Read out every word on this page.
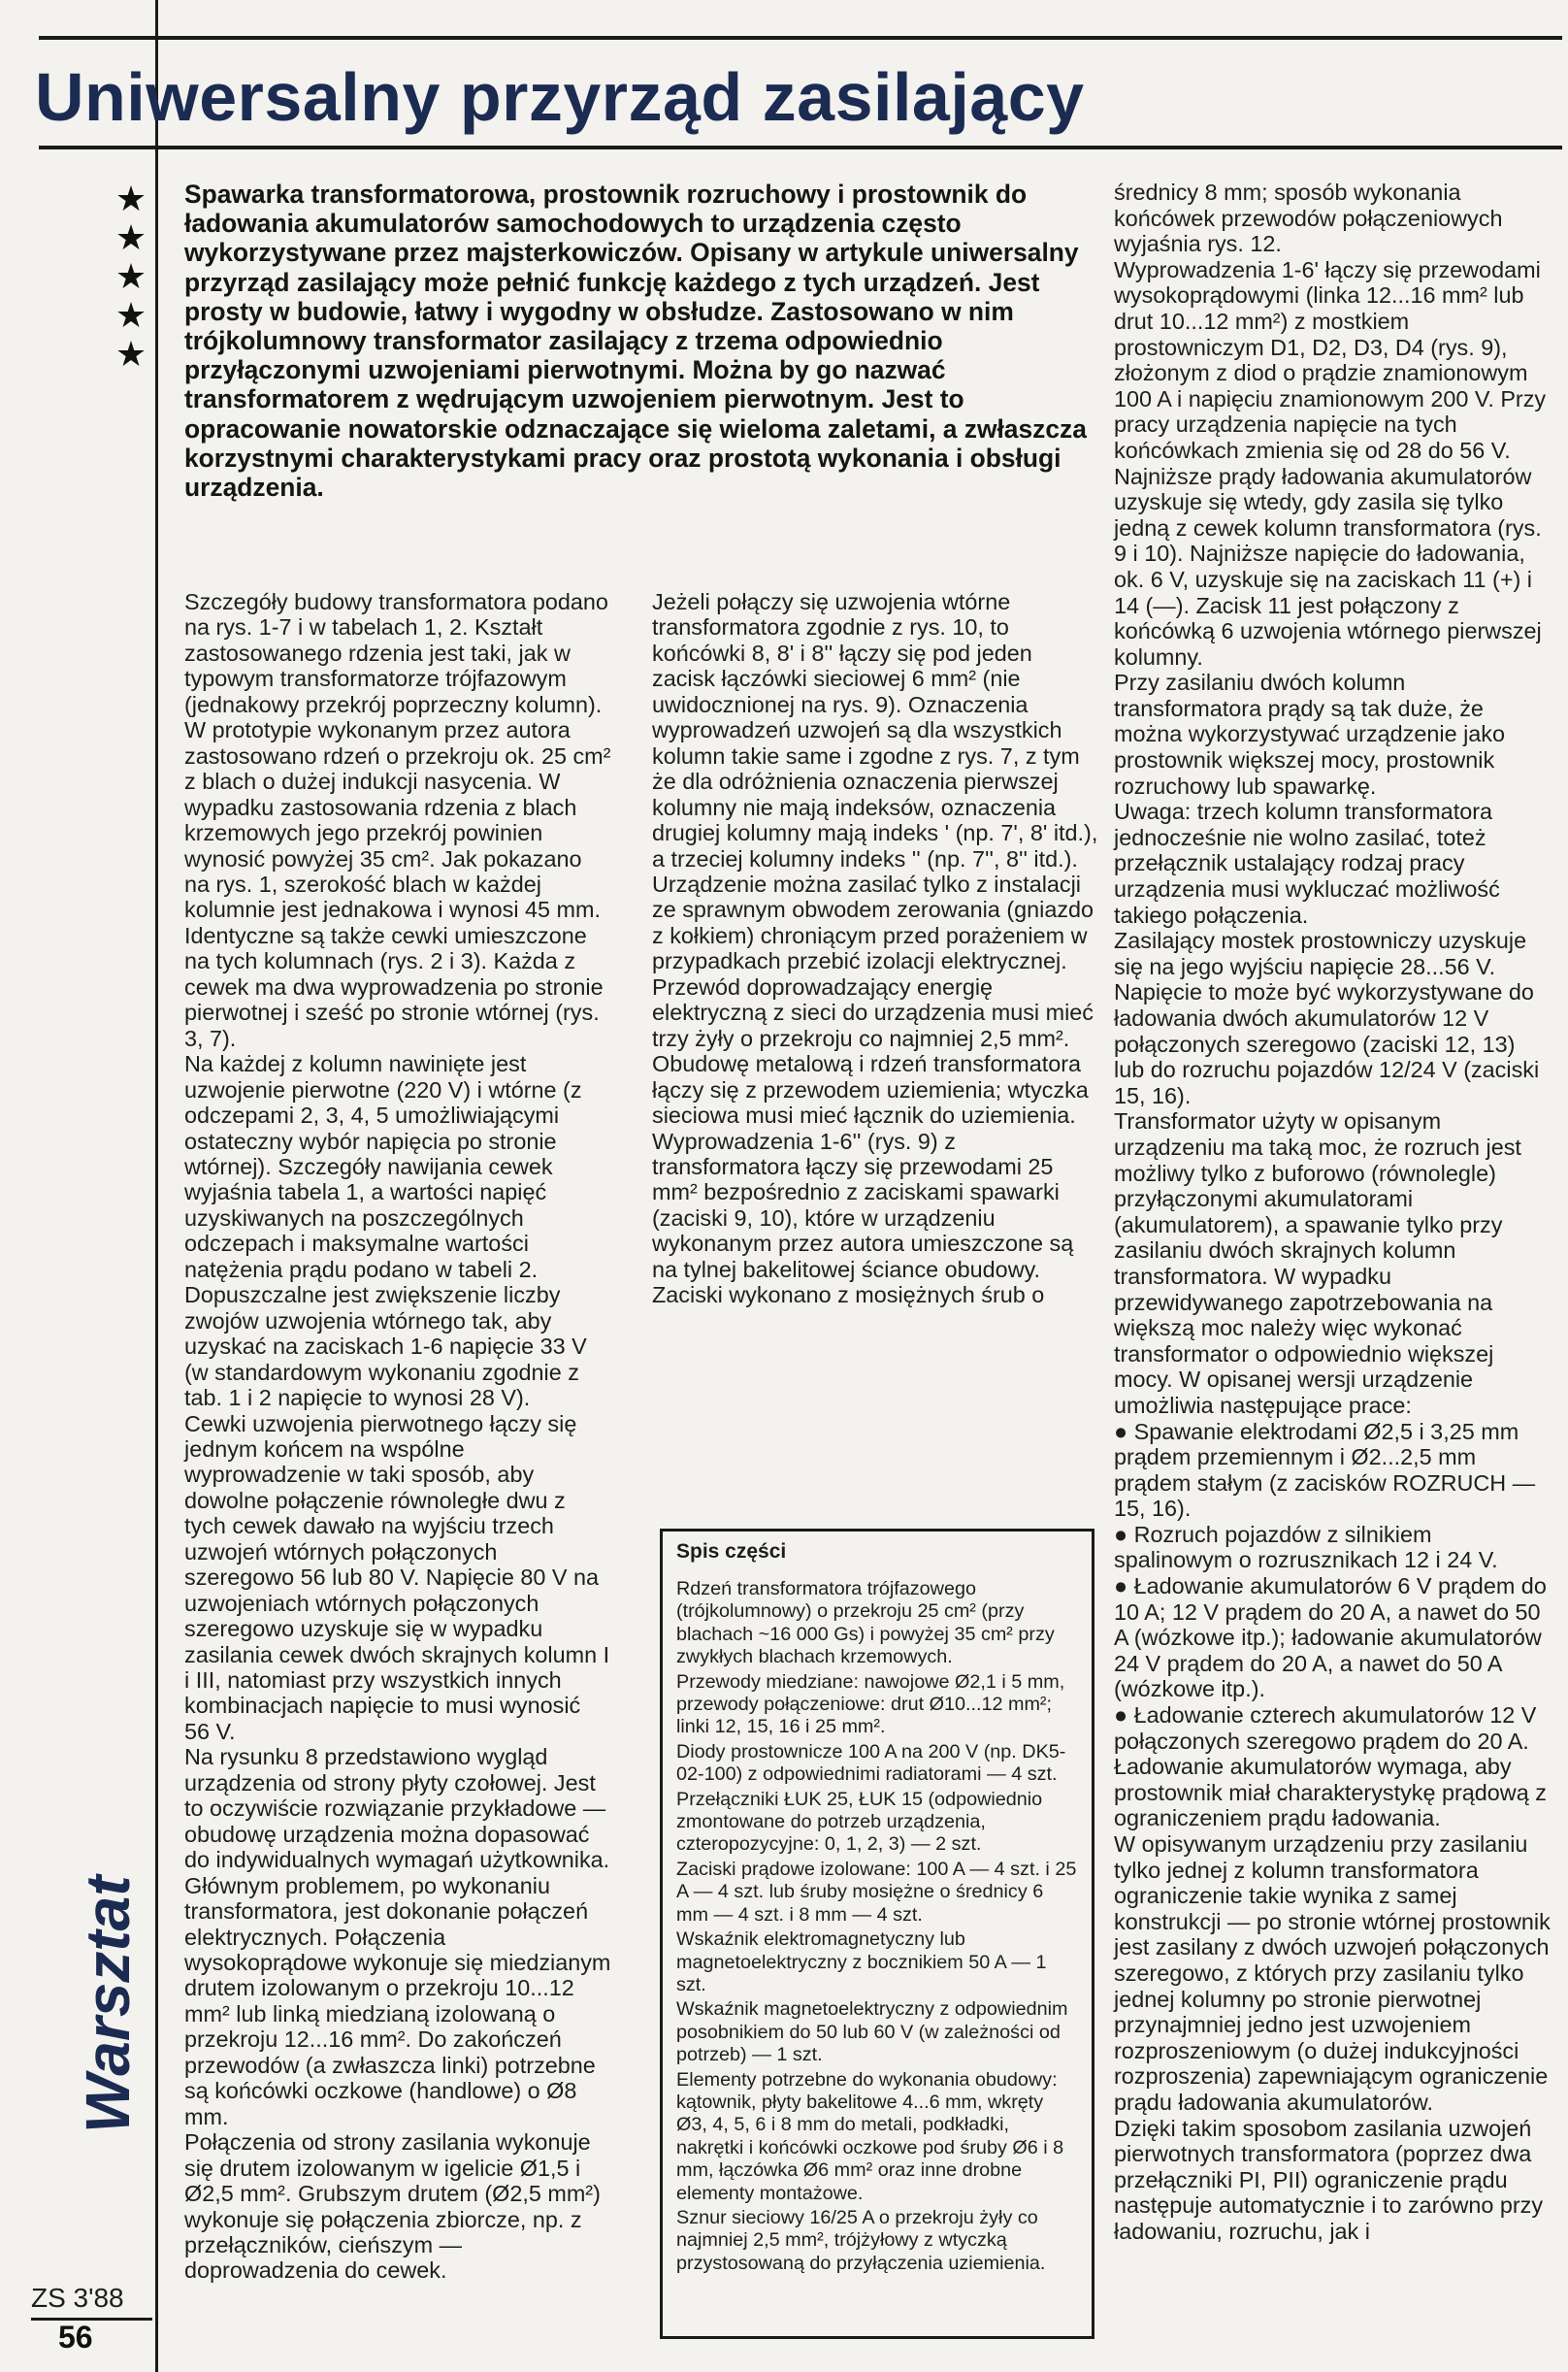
Uniwersalny przyrząd zasilający
★
★
★
★
★

Spawarka transformatorowa, prostownik rozruchowy i prostownik do ładowania akumulatorów samochodowych to urządzenia często wykorzystywane przez majsterkowiczów. Opisany w artykule uniwersalny przyrząd zasilający może pełnić funkcję każdego z tych urządzeń. Jest prosty w budowie, łatwy i wygodny w obsłudze. Zastosowano w nim trójkolumnowy transformator zasilający z trzema odpowiednio przyłączonymi uzwojeniami pierwotnymi. Można by go nazwać transformatorem z wędrującym uzwojeniem pierwotnym. Jest to opracowanie nowatorskie odznaczające się wieloma zaletami, a zwłaszcza korzystnymi charakterystykami pracy oraz prostotą wykonania i obsługi urządzenia.

Szczegóły budowy transformatora podano na rys. 1-7 i w tabelach 1, 2. Kształt zastosowanego rdzenia jest taki, jak w typowym transformatorze trójfazowym (jednakowy przekrój poprzeczny kolumn). W prototypie wykonanym przez autora zastosowano rdzeń o przekroju ok. 25 cm² z blach o dużej indukcji nasycenia. W wypadku zastosowania rdzenia z blach krzemowych jego przekrój powinien wynosić powyżej 35 cm². Jak pokazano na rys. 1, szerokość blach w każdej kolumnie jest jednakowa i wynosi 45 mm. Identyczne są także cewki umieszczone na tych kolumnach (rys. 2 i 3). Każda z cewek ma dwa wyprowadzenia po stronie pierwotnej i sześć po stronie wtórnej (rys. 3, 7).

Na każdej z kolumn nawinięte jest uzwojenie pierwotne (220 V) i wtórne (z odczepami 2, 3, 4, 5 umożliwiającymi ostateczny wybór napięcia po stronie wtórnej). Szczegóły nawijania cewek wyjaśnia tabela 1, a wartości napięć uzyskiwanych na poszczególnych odczepach i maksymalne wartości natężenia prądu podano w tabeli 2. Dopuszczalne jest zwiększenie liczby zwojów uzwojenia wtórnego tak, aby uzyskać na zaciskach 1-6 napięcie 33 V (w standardowym wykonaniu zgodnie z tab. 1 i 2 napięcie to wynosi 28 V).

Cewki uzwojenia pierwotnego łączy się jednym końcem na wspólne wyprowadzenie w taki sposób, aby dowolne połączenie równoległe dwu z tych cewek dawało na wyjściu trzech uzwojeń wtórnych połączonych szeregowo 56 lub 80 V. Napięcie 80 V na uzwojeniach wtórnych połączonych szeregowo uzyskuje się w wypadku zasilania cewek dwóch skrajnych kolumn I i III, natomiast przy wszystkich innych kombinacjach napięcie to musi wynosić 56 V.

Na rysunku 8 przedstawiono wygląd urządzenia od strony płyty czołowej. Jest to oczywiście rozwiązanie przykładowe — obudowę urządzenia można dopasować do indywidualnych wymagań użytkownika.

Głównym problemem, po wykonaniu transformatora, jest dokonanie połączeń elektrycznych. Połączenia wysokoprądowe wykonuje się miedzianym drutem izolowanym o przekroju 10...12 mm² lub linką miedzianą izolowaną o przekroju 12...16 mm². Do zakończeń przewodów (a zwłaszcza linki) potrzebne są końcówki oczkowe (handlowe) o Ø8 mm.

Połączenia od strony zasilania wykonuje się drutem izolowanym w igelicie Ø1,5 i Ø2,5 mm². Grubszym drutem (Ø2,5 mm²) wykonuje się połączenia zbiorcze, np. z przełączników, cieńszym — doprowadzenia do cewek.

Jeżeli połączy się uzwojenia wtórne transformatora zgodnie z rys. 10, to końcówki 8, 8' i 8'' łączy się pod jeden zacisk łączówki sieciowej 6 mm² (nie uwidocznionej na rys. 9). Oznaczenia wyprowadzeń uzwojeń są dla wszystkich kolumn takie same i zgodne z rys. 7, z tym że dla odróżnienia oznaczenia pierwszej kolumny nie mają indeksów, oznaczenia drugiej kolumny mają indeks ' (np. 7', 8' itd.), a trzeciej kolumny indeks '' (np. 7'', 8'' itd.).

Urządzenie można zasilać tylko z instalacji ze sprawnym obwodem zerowania (gniazdo z kołkiem) chroniącym przed porażeniem w przypadkach przebić izolacji elektrycznej. Przewód doprowadzający energię elektryczną z sieci do urządzenia musi mieć trzy żyły o przekroju co najmniej 2,5 mm². Obudowę metalową i rdzeń transformatora łączy się z przewodem uziemienia; wtyczka sieciowa musi mieć łącznik do uziemienia.

Wyprowadzenia 1-6'' (rys. 9) z transformatora łączy się przewodami 25 mm² bezpośrednio z zaciskami spawarki (zaciski 9, 10), które w urządzeniu wykonanym przez autora umieszczone są na tylnej bakelitowej ściance obudowy. Zaciski wykonano z mosiężnych śrub o

Spis części

Rdzeń transformatora trójfazowego (trójkolumnowy) o przekroju 25 cm² (przy blachach ~16 000 Gs) i powyżej 35 cm² przy zwykłych blachach krzemowych.
Przewody miedziane: nawojowe Ø2,1 i 5 mm, przewody połączeniowe: drut Ø10...12 mm²; linki 12, 15, 16 i 25 mm².
Diody prostownicze 100 A na 200 V (np. DK5-02-100) z odpowiednimi radiatorami — 4 szt.
Przełączniki ŁUK 25, ŁUK 15 (odpowiednio zmontowane do potrzeb urządzenia, czteropozycyjne: 0, 1, 2, 3) — 2 szt.
Zaciski prądowe izolowane: 100 A — 4 szt. i 25 A — 4 szt. lub śruby mosiężne o średnicy 6 mm — 4 szt. i 8 mm — 4 szt.
Wskaźnik elektromagnetyczny lub magnetoelektryczny z bocznikiem 50 A — 1 szt.
Wskaźnik magnetoelektryczny z odpowiednim posobnikiem do 50 lub 60 V (w zależności od potrzeb) — 1 szt.
Elementy potrzebne do wykonania obudowy: kątownik, płyty bakelitowe 4...6 mm, wkręty Ø3, 4, 5, 6 i 8 mm do metali, podkładki, nakrętki i końcówki oczkowe pod śruby Ø6 i 8 mm, łączówka Ø6 mm² oraz inne drobne elementy montażowe.
Sznur sieciowy 16/25 A o przekroju żyły co najmniej 2,5 mm², trójżyłowy z wtyczką przystosowaną do przyłączenia uziemienia.

średnicy 8 mm; sposób wykonania końcówek przewodów połączeniowych wyjaśnia rys. 12.

Wyprowadzenia 1-6' łączy się przewodami wysokoprądowymi (linka 12...16 mm² lub drut 10...12 mm²) z mostkiem prostowniczym D1, D2, D3, D4 (rys. 9), złożonym z diod o prądzie znamionowym 100 A i napięciu znamionowym 200 V. Przy pracy urządzenia napięcie na tych końcówkach zmienia się od 28 do 56 V. Najniższe prądy ładowania akumulatorów uzyskuje się wtedy, gdy zasila się tylko jedną z cewek kolumn transformatora (rys. 9 i 10). Najniższe napięcie do ładowania, ok. 6 V, uzyskuje się na zaciskach 11 (+) i 14 (—). Zacisk 11 jest połączony z końcówką 6 uzwojenia wtórnego pierwszej kolumny.

Przy zasilaniu dwóch kolumn transformatora prądy są tak duże, że można wykorzystywać urządzenie jako prostownik większej mocy, prostownik rozruchowy lub spawarkę.

Uwaga: trzech kolumn transformatora jednocześnie nie wolno zasilać, toteż przełącznik ustalający rodzaj pracy urządzenia musi wykluczać możliwość takiego połączenia.

Zasilający mostek prostowniczy uzyskuje się na jego wyjściu napięcie 28...56 V. Napięcie to może być wykorzystywane do ładowania dwóch akumulatorów 12 V połączonych szeregowo (zaciski 12, 13) lub do rozruchu pojazdów 12/24 V (zaciski 15, 16).

Transformator użyty w opisanym urządzeniu ma taką moc, że rozruch jest możliwy tylko z buforowo (równolegle) przyłączonymi akumulatorami (akumulatorem), a spawanie tylko przy zasilaniu dwóch skrajnych kolumn transformatora. W wypadku przewidywanego zapotrzebowania na większą moc należy więc wykonać transformator o odpowiednio większej mocy. W opisanej wersji urządzenie umożliwia następujące prace:

● Spawanie elektrodami Ø2,5 i 3,25 mm prądem przemiennym i Ø2...2,5 mm prądem stałym (z zacisków ROZRUCH — 15, 16).

● Rozruch pojazdów z silnikiem spalinowym o rozrusznikach 12 i 24 V.

● Ładowanie akumulatorów 6 V prądem do 10 A; 12 V prądem do 20 A, a nawet do 50 A (wózkowe itp.); ładowanie akumulatorów 24 V prądem do 20 A, a nawet do 50 A (wózkowe itp.).

● Ładowanie czterech akumulatorów 12 V połączonych szeregowo prądem do 20 A.

Ładowanie akumulatorów wymaga, aby prostownik miał charakterystykę prądową z ograniczeniem prądu ładowania.

W opisywanym urządzeniu przy zasilaniu tylko jednej z kolumn transformatora ograniczenie takie wynika z samej konstrukcji — po stronie wtórnej prostownik jest zasilany z dwóch uzwojeń połączonych szeregowo, z których przy zasilaniu tylko jednej kolumny po stronie pierwotnej przynajmniej jedno jest uzwojeniem rozproszeniowym (o dużej indukcyjności rozproszenia) zapewniającym ograniczenie prądu ładowania akumulatorów.

Dzięki takim sposobom zasilania uzwojeń pierwotnych transformatora (poprzez dwa przełączniki PI, PII) ograniczenie prądu następuje automatycznie i to zarówno przy ładowaniu, rozruchu, jak i

Warsztat

ZS 3'88

56
